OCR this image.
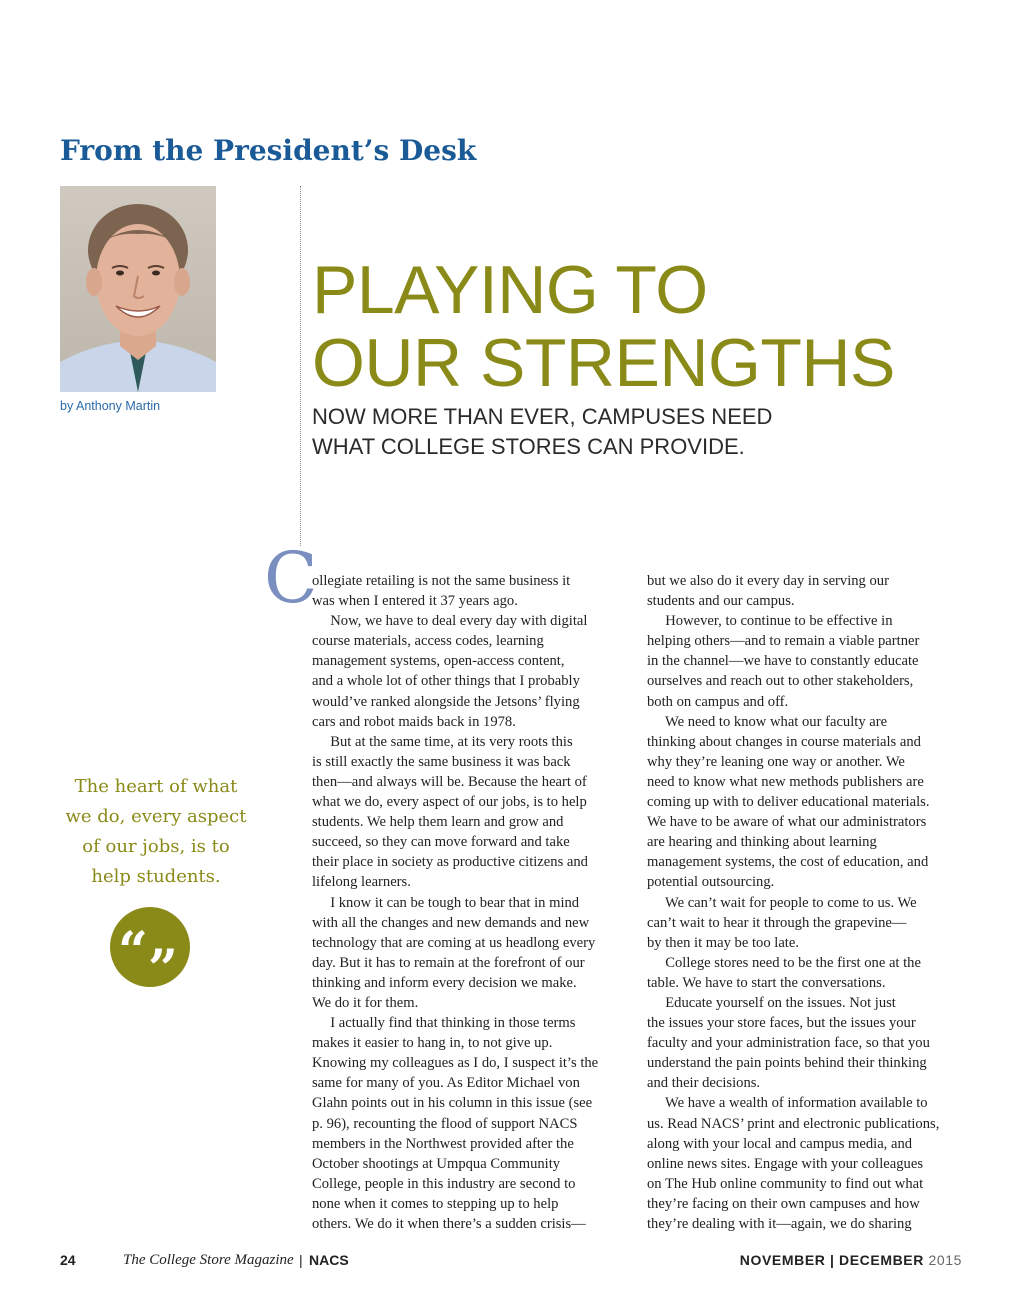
From the President’s Desk
by Anthony Martin
PLAYING TO
OUR STRENGTHS
NOW MORE THAN EVER, CAMPUSES NEED
WHAT COLLEGE STORES CAN PROVIDE.
The heart of what
we do, every aspect
of our jobs, is to
help students.
“ ”
C
ollegiate retailing is not the same business it
was when I entered it 37 years ago.
  Now, we have to deal every day with digital
course materials, access codes, learning
management systems, open-access content,
and a whole lot of other things that I probably
would’ve ranked alongside the Jetsons’ flying
cars and robot maids back in 1978.
  But at the same time, at its very roots this
is still exactly the same business it was back
then—and always will be. Because the heart of
what we do, every aspect of our jobs, is to help
students. We help them learn and grow and
succeed, so they can move forward and take
their place in society as productive citizens and
lifelong learners.
  I know it can be tough to bear that in mind
with all the changes and new demands and new
technology that are coming at us headlong every
day. But it has to remain at the forefront of our
thinking and inform every decision we make.
We do it for them.
  I actually find that thinking in those terms
makes it easier to hang in, to not give up.
Knowing my colleagues as I do, I suspect it’s the
same for many of you. As Editor Michael von
Glahn points out in his column in this issue (see
p. 96), recounting the flood of support NACS
members in the Northwest provided after the
October shootings at Umpqua Community
College, people in this industry are second to
none when it comes to stepping up to help
others. We do it when there’s a sudden crisis—
but we also do it every day in serving our
students and our campus.
  However, to continue to be effective in
helping others—and to remain a viable partner
in the channel—we have to constantly educate
ourselves and reach out to other stakeholders,
both on campus and off.
  We need to know what our faculty are
thinking about changes in course materials and
why they’re leaning one way or another. We
need to know what new methods publishers are
coming up with to deliver educational materials.
We have to be aware of what our administrators
are hearing and thinking about learning
management systems, the cost of education, and
potential outsourcing.
  We can’t wait for people to come to us. We
can’t wait to hear it through the grapevine—
by then it may be too late.
  College stores need to be the first one at the
table. We have to start the conversations.
  Educate yourself on the issues. Not just
the issues your store faces, but the issues your
faculty and your administration face, so that you
understand the pain points behind their thinking
and their decisions.
  We have a wealth of information available to
us. Read NACS’ print and electronic publications,
along with your local and campus media, and
online news sites. Engage with your colleagues
on The Hub online community to find out what
they’re facing on their own campuses and how
they’re dealing with it—again, we do sharing
24	The College Store Magazine | NACS	NOVEMBER | DECEMBER 2015
